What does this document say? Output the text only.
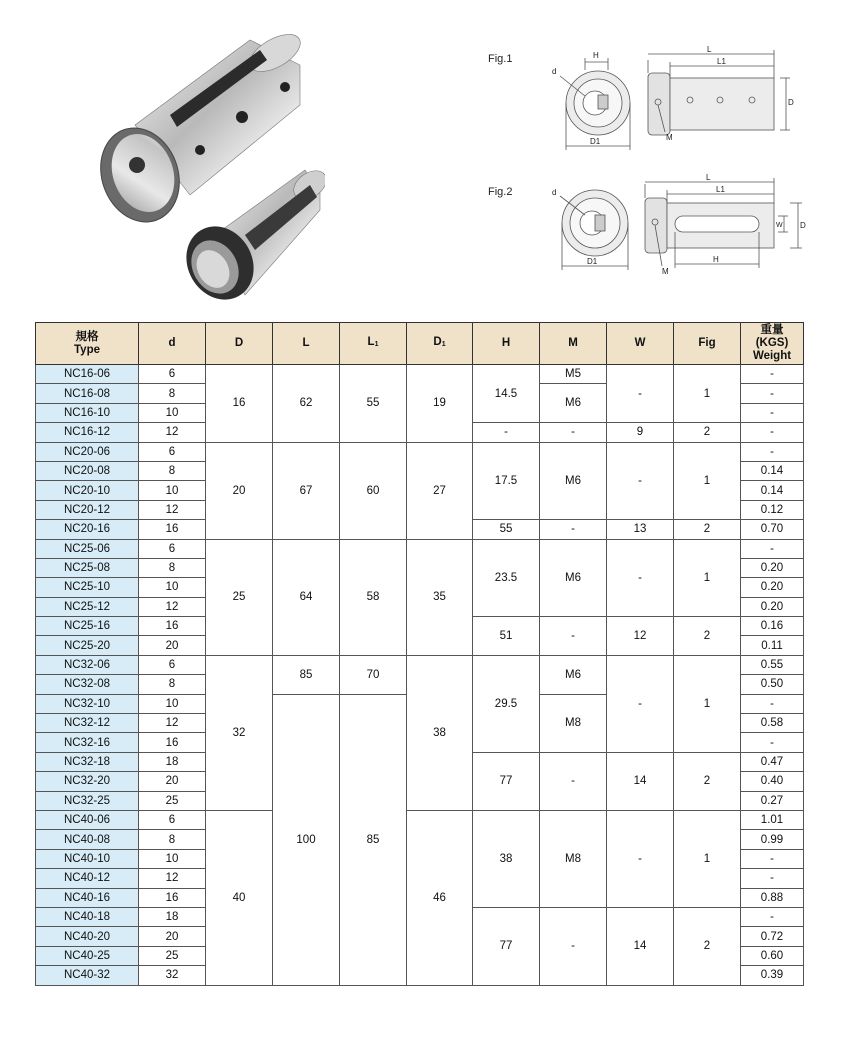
Fig.1
d
H
D1
L
L1
D
M
Fig.2	d
D1
L
L1
H
W D
M
規格
Type	d	D	L	$L_1$	$D_1$	H	M	W	Fig	重量
(KGS)
Weight
NC16-06	6	16	62	55	19	14.5	M5	-	1	-
NC16-08	8						M6			-
NC16-10	10									-
NC16-12	12					-	-	9	2	-
NC20-06	6	20	67	60	27	17.5	M6	-	1	-
NC20-08	8									0.14
NC20-10	10									0.14
NC20-12	12									0.12
NC20-16	16					55	-	13	2	0.70
NC25-06	6	25	64	58	35	23.5	M6	-	1	-
NC25-08	8									0.20
NC25-10	10									0.20
NC25-12	12									0.20
NC25-16	16					51	-	12	2	0.16
NC25-20	20									0.11
NC32-06	6	32	85	70	38	29.5	M6	-	1	0.55
NC32-08	8									0.50
NC32-10	10		100	85			M8			-
NC32-12	12									0.58
NC32-16	16									-
NC32-18	18					77	-	14	2	0.47
NC32-20	20									0.40
NC32-25	25									0.27
NC40-06	6	40			46	38	M8	-	1	1.01
NC40-08	8									0.99
NC40-10	10									-
NC40-12	12									-
NC40-16	16									0.88
NC40-18	18					77	-	14	2	-
NC40-20	20									0.72
NC40-25	25									0.60
NC40-32	32									0.39
